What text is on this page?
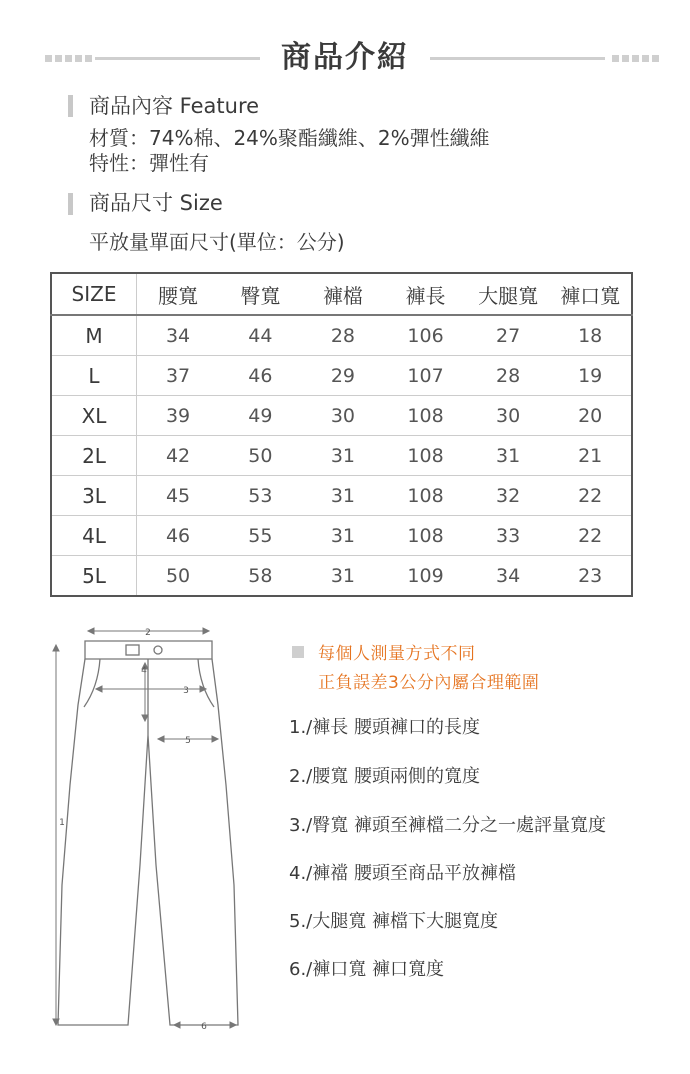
商品介紹
商品內容 Feature
材質：74%棉、24%聚酯纖維、2%彈性纖維
特性：彈性有
商品尺寸 Size
平放量單面尺寸(單位：公分)
SIZE	腰寬	臀寬	褲檔	褲長	大腿寬	褲口寬
M	34	44	28	106	27	18
L	37	46	29	107	28	19
XL	39	49	30	108	30	20
2L	42	50	31	108	31	21
3L	45	53	31	108	32	22
4L	46	55	31	108	33	22
5L	50	58	31	109	34	23
2
3
4
5
1
6
每個人測量方式不同
正負誤差3公分內屬合理範圍
1./褲長 腰頭褲口的長度
2./腰寬 腰頭兩側的寬度
3./臀寬 褲頭至褲檔二分之一處評量寬度
4./褲襠 腰頭至商品平放褲檔
5./大腿寬 褲檔下大腿寬度
6./褲口寬 褲口寬度
